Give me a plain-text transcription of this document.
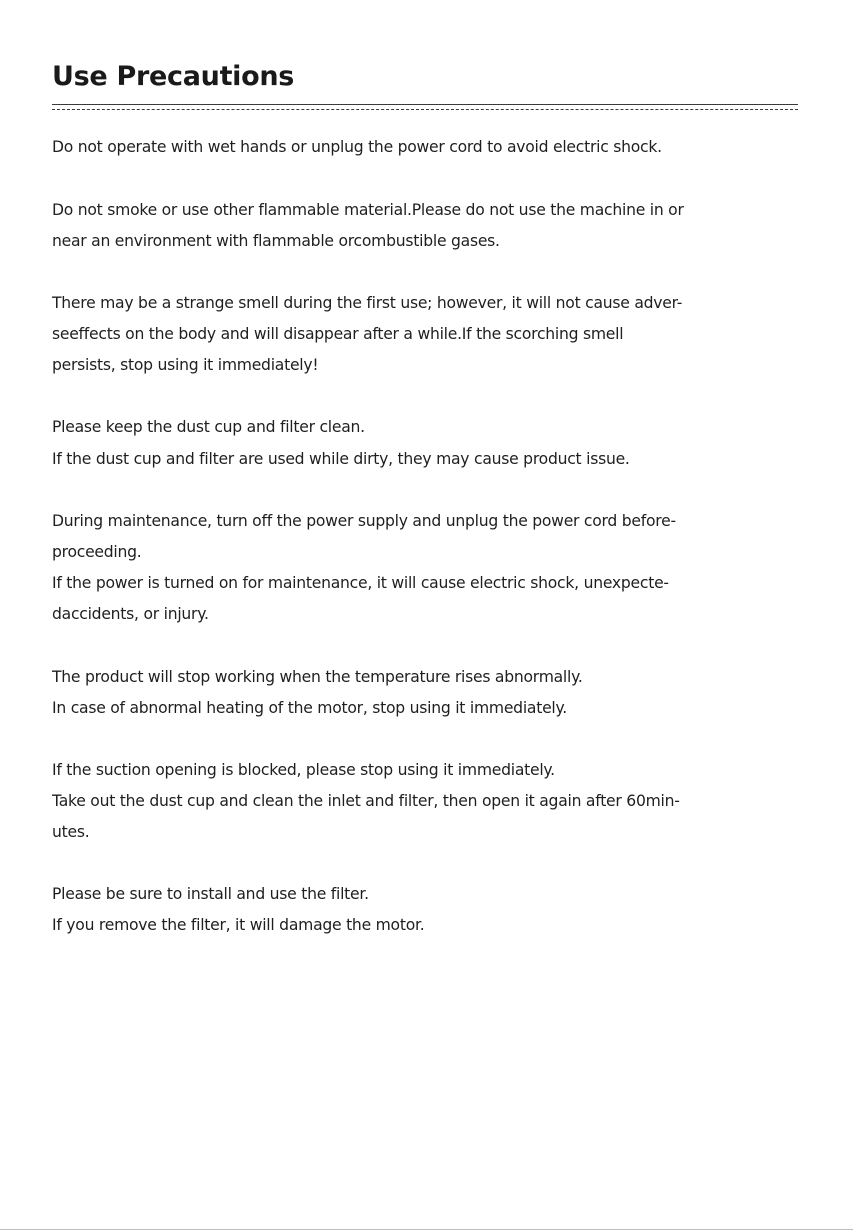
Use Precautions

Do not operate with wet hands or unplug the power cord to avoid electric shock.

Do not smoke or use other flammable material.Please do not use the machine in or

near an environment with flammable orcombustible gases.

There may be a strange smell during the first use; however, it will not cause adver-

seeffects on the body and will disappear after a while.If the scorching smell

persists, stop using it immediately!

Please keep the dust cup and filter clean.

If the dust cup and filter are used while dirty, they may cause product issue.

During maintenance, turn off the power supply and unplug the power cord before-

proceeding.

If the power is turned on for maintenance, it will cause electric shock, unexpecte-

daccidents, or injury.

The product will stop working when the temperature rises abnormally.

In case of abnormal heating of the motor, stop using it immediately.

If the suction opening is blocked, please stop using it immediately.

Take out the dust cup and clean the inlet and filter, then open it again after 60min-

utes.

Please be sure to install and use the filter.

If you remove the filter, it will damage the motor.
